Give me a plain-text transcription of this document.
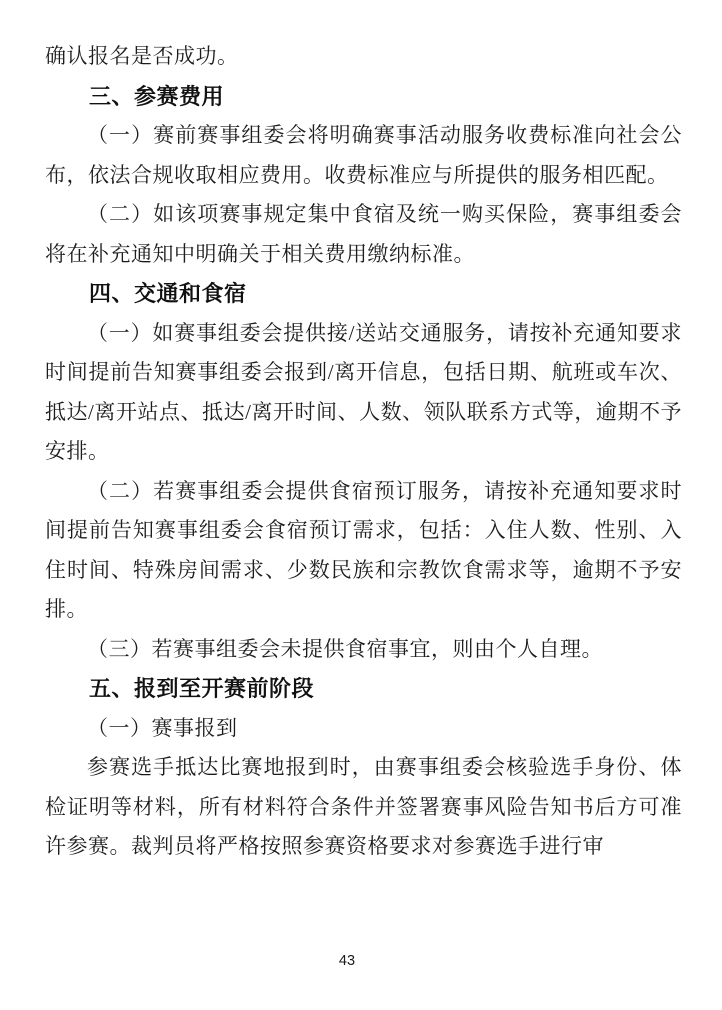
确认报名是否成功。

三、参赛费用

（一）赛前赛事组委会将明确赛事活动服务收费标准向社会公布，依法合规收取相应费用。收费标准应与所提供的服务相匹配。

（二）如该项赛事规定集中食宿及统一购买保险，赛事组委会将在补充通知中明确关于相关费用缴纳标准。

四、交通和食宿

（一）如赛事组委会提供接/送站交通服务，请按补充通知要求时间提前告知赛事组委会报到/离开信息，包括日期、航班或车次、抵达/离开站点、抵达/离开时间、人数、领队联系方式等，逾期不予安排。

（二）若赛事组委会提供食宿预订服务，请按补充通知要求时间提前告知赛事组委会食宿预订需求，包括：入住人数、性别、入住时间、特殊房间需求、少数民族和宗教饮食需求等，逾期不予安排。

（三）若赛事组委会未提供食宿事宜，则由个人自理。

五、报到至开赛前阶段

（一）赛事报到

参赛选手抵达比赛地报到时，由赛事组委会核验选手身份、体检证明等材料，所有材料符合条件并签署赛事风险告知书后方可准许参赛。裁判员将严格按照参赛资格要求对参赛选手进行审

43
